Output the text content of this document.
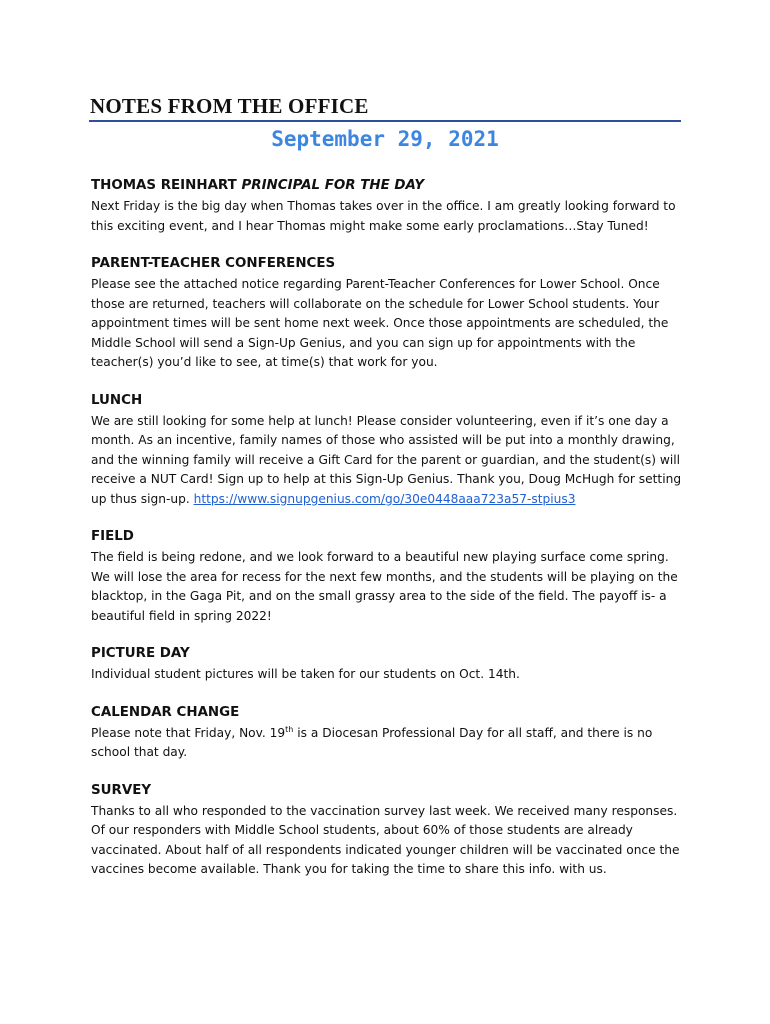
NOTES FROM THE OFFICE
September 29, 2021
THOMAS REINHART PRINCIPAL FOR THE DAY

Next Friday is the big day when Thomas takes over in the office. I am greatly looking forward to this exciting event, and I hear Thomas might make some early proclamations…Stay Tuned!

PARENT-TEACHER CONFERENCES

Please see the attached notice regarding Parent-Teacher Conferences for Lower School. Once those are returned, teachers will collaborate on the schedule for Lower School students. Your appointment times will be sent home next week. Once those appointments are scheduled, the Middle School will send a Sign-Up Genius, and you can sign up for appointments with the teacher(s) you’d like to see, at time(s) that work for you.

LUNCH

We are still looking for some help at lunch! Please consider volunteering, even if it’s one day a month. As an incentive, family names of those who assisted will be put into a monthly drawing, and the winning family will receive a Gift Card for the parent or guardian, and the student(s) will receive a NUT Card! Sign up to help at this Sign-Up Genius. Thank you, Doug McHugh for setting up thus sign-up. https://www.signupgenius.com/go/30e0448aaa723a57-stpius3

FIELD

The field is being redone, and we look forward to a beautiful new playing surface come spring. We will lose the area for recess for the next few months, and the students will be playing on the blacktop, in the Gaga Pit, and on the small grassy area to the side of the field. The payoff is- a beautiful field in spring 2022!

PICTURE DAY

Individual student pictures will be taken for our students on Oct. 14th.

CALENDAR CHANGE

Please note that Friday, Nov. 19th is a Diocesan Professional Day for all staff, and there is no school that day.

SURVEY

Thanks to all who responded to the vaccination survey last week. We received many responses. Of our responders with Middle School students, about 60% of those students are already vaccinated. About half of all respondents indicated younger children will be vaccinated once the vaccines become available. Thank you for taking the time to share this info. with us.
